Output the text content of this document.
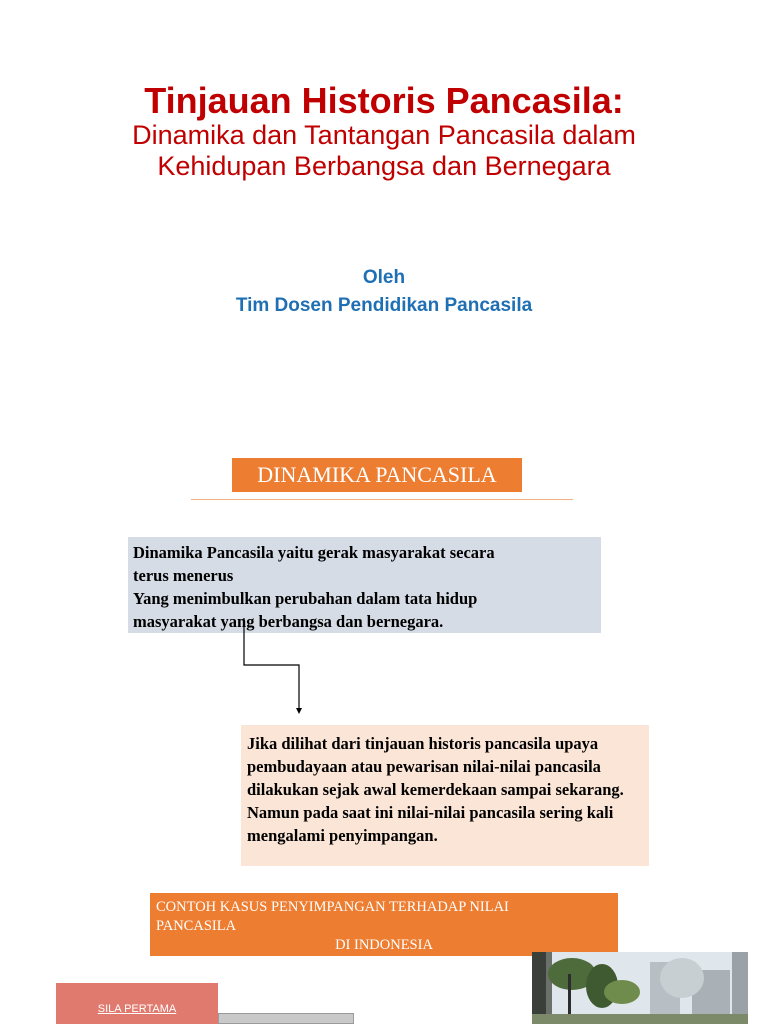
Tinjauan Historis Pancasila:
Dinamika dan Tantangan Pancasila dalam
Kehidupan Berbangsa dan Bernegara
Oleh
Tim Dosen Pendidikan Pancasila
DINAMIKA PANCASILA
Dinamika Pancasila yaitu gerak masyarakat secara
terus menerus
Yang menimbulkan perubahan dalam tata hidup
masyarakat yang berbangsa dan bernegara.
Jika dilihat dari tinjauan historis pancasila upaya pembudayaan atau pewarisan nilai-nilai pancasila dilakukan sejak awal kemerdekaan sampai sekarang. Namun pada saat ini nilai-nilai pancasila sering kali mengalami penyimpangan.
CONTOH KASUS PENYIMPANGAN TERHADAP NILAI
PANCASILA
DI INDONESIA
SILA PERTAMA
